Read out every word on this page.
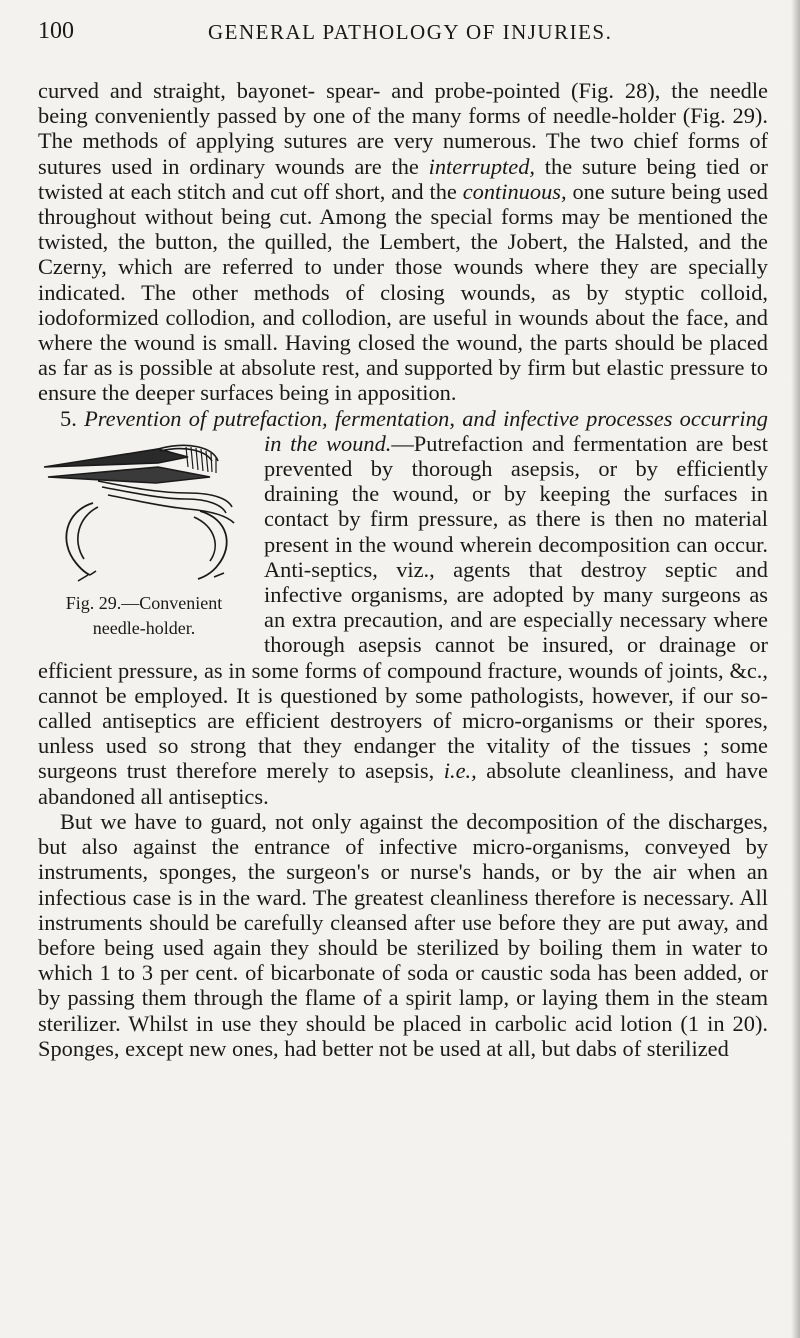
100	GENERAL PATHOLOGY OF INJURIES.

curved and straight, bayonet- spear- and probe-pointed (Fig. 28), the needle being conveniently passed by one of the many forms of needle-holder (Fig. 29). The methods of applying sutures are very numerous. The two chief forms of sutures used in ordinary wounds are the interrupted, the suture being tied or twisted at each stitch and cut off short, and the continuous, one suture being used throughout without being cut. Among the special forms may be mentioned the twisted, the button, the quilled, the Lembert, the Jobert, the Halsted, and the Czerny, which are referred to under those wounds where they are specially indicated. The other methods of closing wounds, as by styptic colloid, iodoformized collodion, and collodion, are useful in wounds about the face, and where the wound is small. Having closed the wound, the parts should be placed as far as is possible at absolute rest, and supported by firm but elastic pressure to ensure the deeper surfaces being in apposition.

5. Prevention of putrefaction, fermentation, and infective processes occurring in the wound.
Fig. 29.—Convenient
needle-holder.
—Putrefaction and fermentation are best prevented by thorough asepsis, or by efficiently draining the wound, or by keeping the surfaces in contact by firm pressure, as there is then no material present in the wound wherein decomposition can occur. Anti-septics, viz., agents that destroy septic and infective organisms, are adopted by many surgeons as an extra precaution, and are especially necessary where thorough asepsis cannot be insured, or drainage or efficient pressure, as in some forms of compound fracture, wounds of joints, &c., cannot be employed. It is questioned by some pathologists, however, if our so-called antiseptics are efficient destroyers of micro-organisms or their spores, unless used so strong that they endanger the vitality of the tissues ; some surgeons trust therefore merely to asepsis, i.e., absolute cleanliness, and have abandoned all antiseptics.

But we have to guard, not only against the decomposition of the discharges, but also against the entrance of infective micro-organisms, conveyed by instruments, sponges, the surgeon's or nurse's hands, or by the air when an infectious case is in the ward. The greatest cleanliness therefore is necessary. All instruments should be carefully cleansed after use before they are put away, and before being used again they should be sterilized by boiling them in water to which 1 to 3 per cent. of bicarbonate of soda or caustic soda has been added, or by passing them through the flame of a spirit lamp, or laying them in the steam sterilizer. Whilst in use they should be placed in carbolic acid lotion (1 in 20). Sponges, except new ones, had better not be used at all, but dabs of sterilized
